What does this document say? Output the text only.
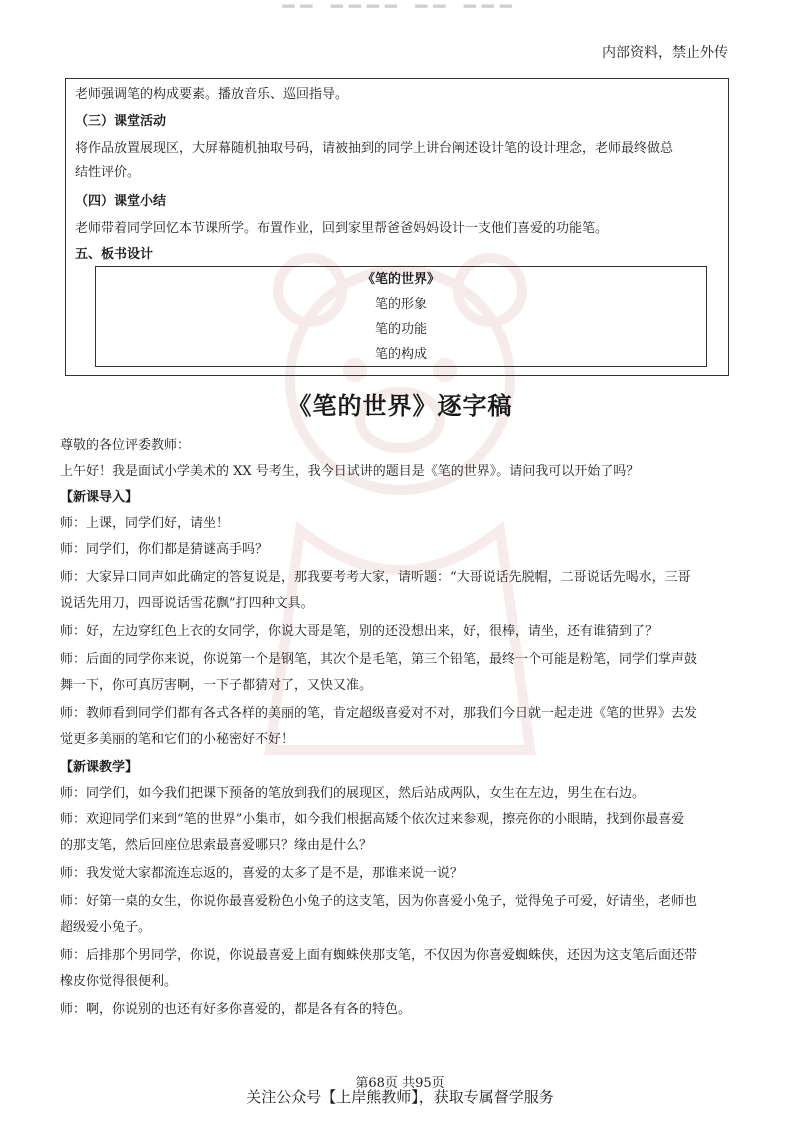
━━ ━━━━ ━━ ━━━
内部资料，禁止外传
老师强调笔的构成要素。播放音乐、巡回指导。
（三）课堂活动
将作品放置展现区，大屏幕随机抽取号码，请被抽到的同学上讲台阐述设计笔的设计理念，老师最终做总
结性评价。
（四）课堂小结
老师带着同学回忆本节课所学。布置作业，回到家里帮爸爸妈妈设计一支他们喜爱的功能笔。
五、板书设计
《笔的世界》
笔的形象
笔的功能
笔的构成
《笔的世界》逐字稿
尊敬的各位评委教师：
上午好！我是面试小学美术的 XX 号考生，我今日试讲的题目是《笔的世界》。请问我可以开始了吗？
【新课导入】
师：上课，同学们好，请坐！
师：同学们，你们都是猜谜高手吗？
师：大家异口同声如此确定的答复说是，那我要考考大家，请听题：“大哥说话先脱帽，二哥说话先喝水，三哥
说话先用刀，四哥说话雪花飘”打四种文具。
师：好，左边穿红色上衣的女同学，你说大哥是笔，别的还没想出来，好，很棒，请坐，还有谁猜到了？
师：后面的同学你来说，你说第一个是钢笔，其次个是毛笔，第三个铅笔，最终一个可能是粉笔，同学们掌声鼓
舞一下，你可真厉害啊，一下子都猜对了，又快又准。
师：教师看到同学们都有各式各样的美丽的笔，肯定超级喜爱对不对，那我们今日就一起走进《笔的世界》去发
觉更多美丽的笔和它们的小秘密好不好！
【新课教学】
师：同学们，如今我们把课下预备的笔放到我们的展现区，然后站成两队，女生在左边，男生在右边。
师：欢迎同学们来到“笔的世界”小集市，如今我们根据高矮个依次过来参观，擦亮你的小眼睛，找到你最喜爱
的那支笔，然后回座位思索最喜爱哪只？缘由是什么？
师：我发觉大家都流连忘返的，喜爱的太多了是不是，那谁来说一说？
师：好第一桌的女生，你说你最喜爱粉色小兔子的这支笔，因为你喜爱小兔子，觉得兔子可爱，好请坐，老师也
超级爱小兔子。
师：后排那个男同学，你说，你说最喜爱上面有蜘蛛侠那支笔，不仅因为你喜爱蜘蛛侠，还因为这支笔后面还带
橡皮你觉得很便利。
师：啊，你说别的也还有好多你喜爱的，都是各有各的特色。
第68页 共95页
关注公众号【上岸熊教师】，获取专属督学服务
